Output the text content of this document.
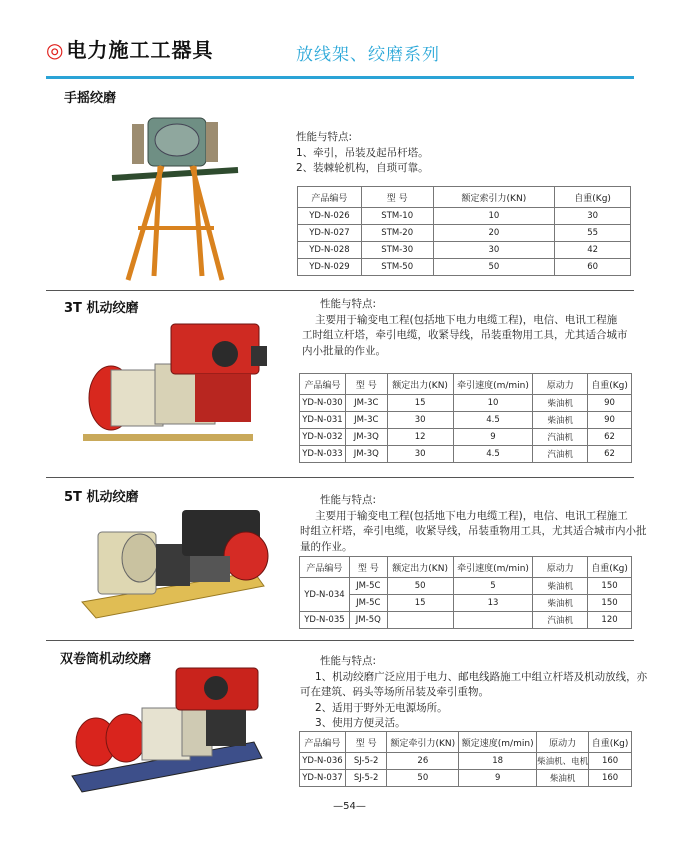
◎ 电力施工工器具	放线架、绞磨系列
手摇绞磨
性能与特点:
1、牵引，吊装及起吊杆塔。
2、装棘轮机构，自琐可靠。
产品编号	型 号	额定索引力(KN)	自重(Kg)
YD-N-026	STM-10	10	30
YD-N-027	STM-20	20	55
YD-N-028	STM-30	30	42
YD-N-029	STM-50	50	60
3T 机动绞磨	性能与特点:
主要用于输变电工程(包括地下电力电缆工程)，电信、电讯工程施
工时组立杆塔，牵引电缆，收紧导线，吊装重物用工具，尤其适合城市
内小批量的作业。
产品编号	型 号	额定出力(KN)	牵引速度(m/min)	原动力	自重(Kg)
YD-N-030	JM-3C	15	10	柴油机	90
YD-N-031	JM-3C	30	4.5	柴油机	90
YD-N-032	JM-3Q	12	9	汽油机	62
YD-N-033	JM-3Q	30	4.5	汽油机	62
5T 机动绞磨	性能与特点:
主要用于输变电工程(包括地下电力电缆工程)，电信、电讯工程施工
时组立杆塔，牵引电缆，收紧导线，吊装重物用工具，尤其适合城市内小批
量的作业。
产品编号	型 号	额定出力(KN)	牵引速度(m/min)	原动力	自重(Kg)
YD-N-034	JM-5C	50	5	柴油机	150
	JM-5C	15	13	柴油机	150
YD-N-035	JM-5Q			汽油机	120
双卷筒机动绞磨	性能与特点:
1、机动绞磨广泛应用于电力、邮电线路施工中组立杆塔及机动放线，亦
可在建筑、码头等场所吊装及牵引重物。
2、适用于野外无电源场所。
3、使用方便灵活。
产品编号	型 号	额定牵引力(KN)	额定速度(m/min)	原动力	自重(Kg)
YD-N-036	SJ-5-2	26	18	柴油机、电机	160
YD-N-037	SJ-5-2	50	9	柴油机	160
—54—
